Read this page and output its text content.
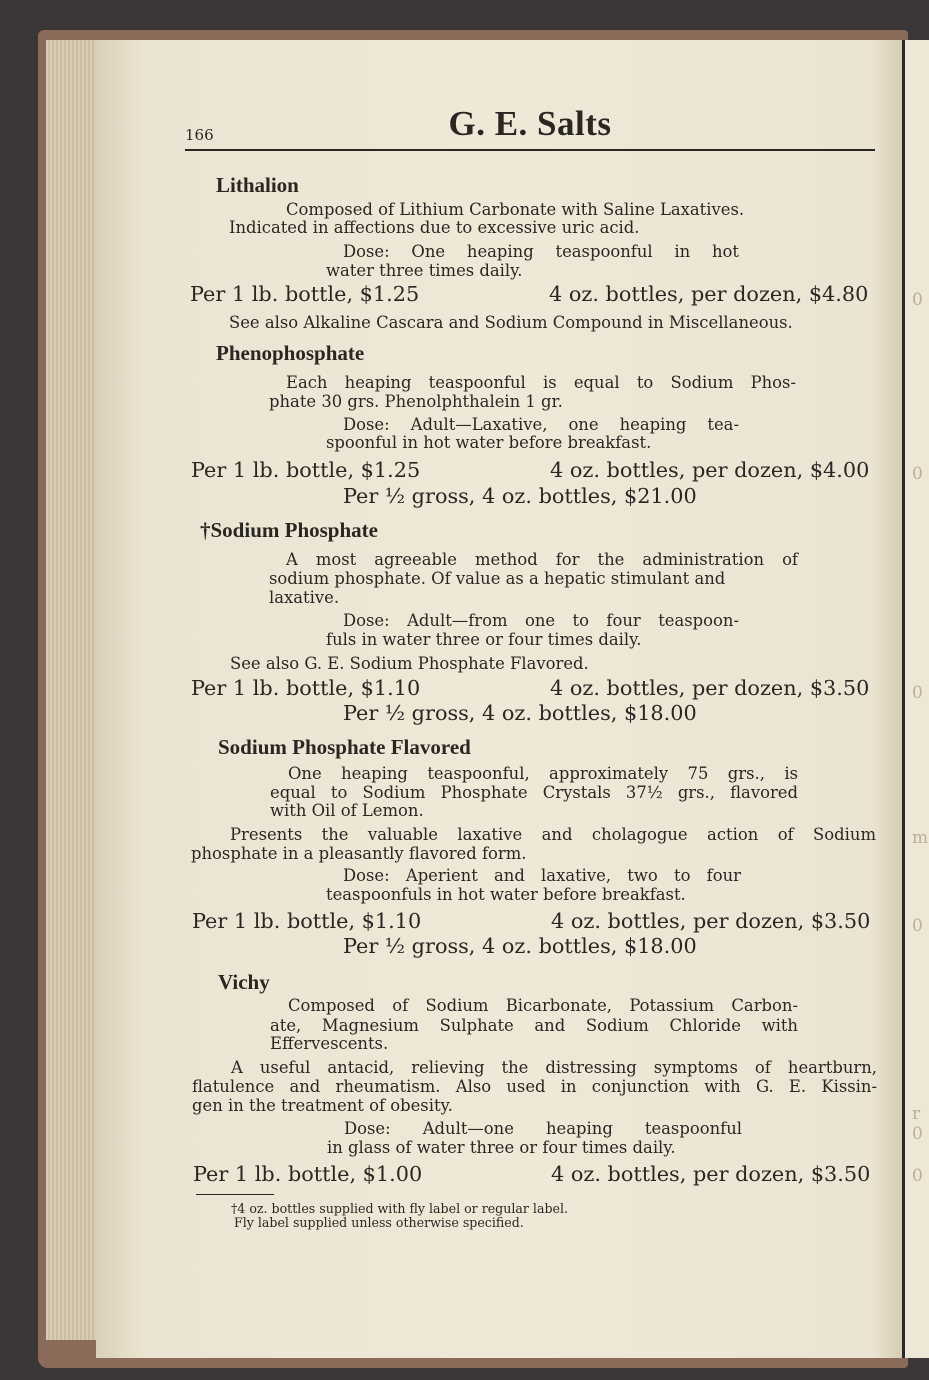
0
0
0
0
0
m
r
0
166	G. E. Salts
Lithalion
Composed of Lithium Carbonate with Saline Laxatives.
Indicated in affections due to excessive uric acid.
Dose: One heaping teaspoonful in hot
water three times daily.
Per 1 lb. bottle, $1.25	4 oz. bottles, per dozen, $4.80
See also Alkaline Cascara and Sodium Compound in Miscellaneous.
Phenophosphate
Each heaping teaspoonful is equal to Sodium Phos-
phate 30 grs. Phenolphthalein 1 gr.
Dose: Adult—Laxative, one heaping tea-
spoonful in hot water before breakfast.
Per 1 lb. bottle, $1.25	4 oz. bottles, per dozen, $4.00
Per ½ gross, 4 oz. bottles, $21.00
†Sodium Phosphate
A most agreeable method for the administration of
sodium phosphate. Of value as a hepatic stimulant and
laxative.
Dose: Adult—from one to four teaspoon-
fuls in water three or four times daily.
See also G. E. Sodium Phosphate Flavored.
Per 1 lb. bottle, $1.10	4 oz. bottles, per dozen, $3.50
Per ½ gross, 4 oz. bottles, $18.00
Sodium Phosphate Flavored
One heaping teaspoonful, approximately 75 grs., is
equal to Sodium Phosphate Crystals 37½ grs., flavored
with Oil of Lemon.
Presents the valuable laxative and cholagogue action of Sodium
phosphate in a pleasantly flavored form.
Dose: Aperient and laxative, two to four
teaspoonfuls in hot water before breakfast.
Per 1 lb. bottle, $1.10	4 oz. bottles, per dozen, $3.50
Per ½ gross, 4 oz. bottles, $18.00
Vichy
Composed of Sodium Bicarbonate, Potassium Carbon-
ate, Magnesium Sulphate and Sodium Chloride with
Effervescents.
A useful antacid, relieving the distressing symptoms of heartburn,
flatulence and rheumatism. Also used in conjunction with G. E. Kissin-
gen in the treatment of obesity.
Dose: Adult—one heaping teaspoonful
in glass of water three or four times daily.
Per 1 lb. bottle, $1.00	4 oz. bottles, per dozen, $3.50
†4 oz. bottles supplied with fly label or regular label.
Fly label supplied unless otherwise specified.
